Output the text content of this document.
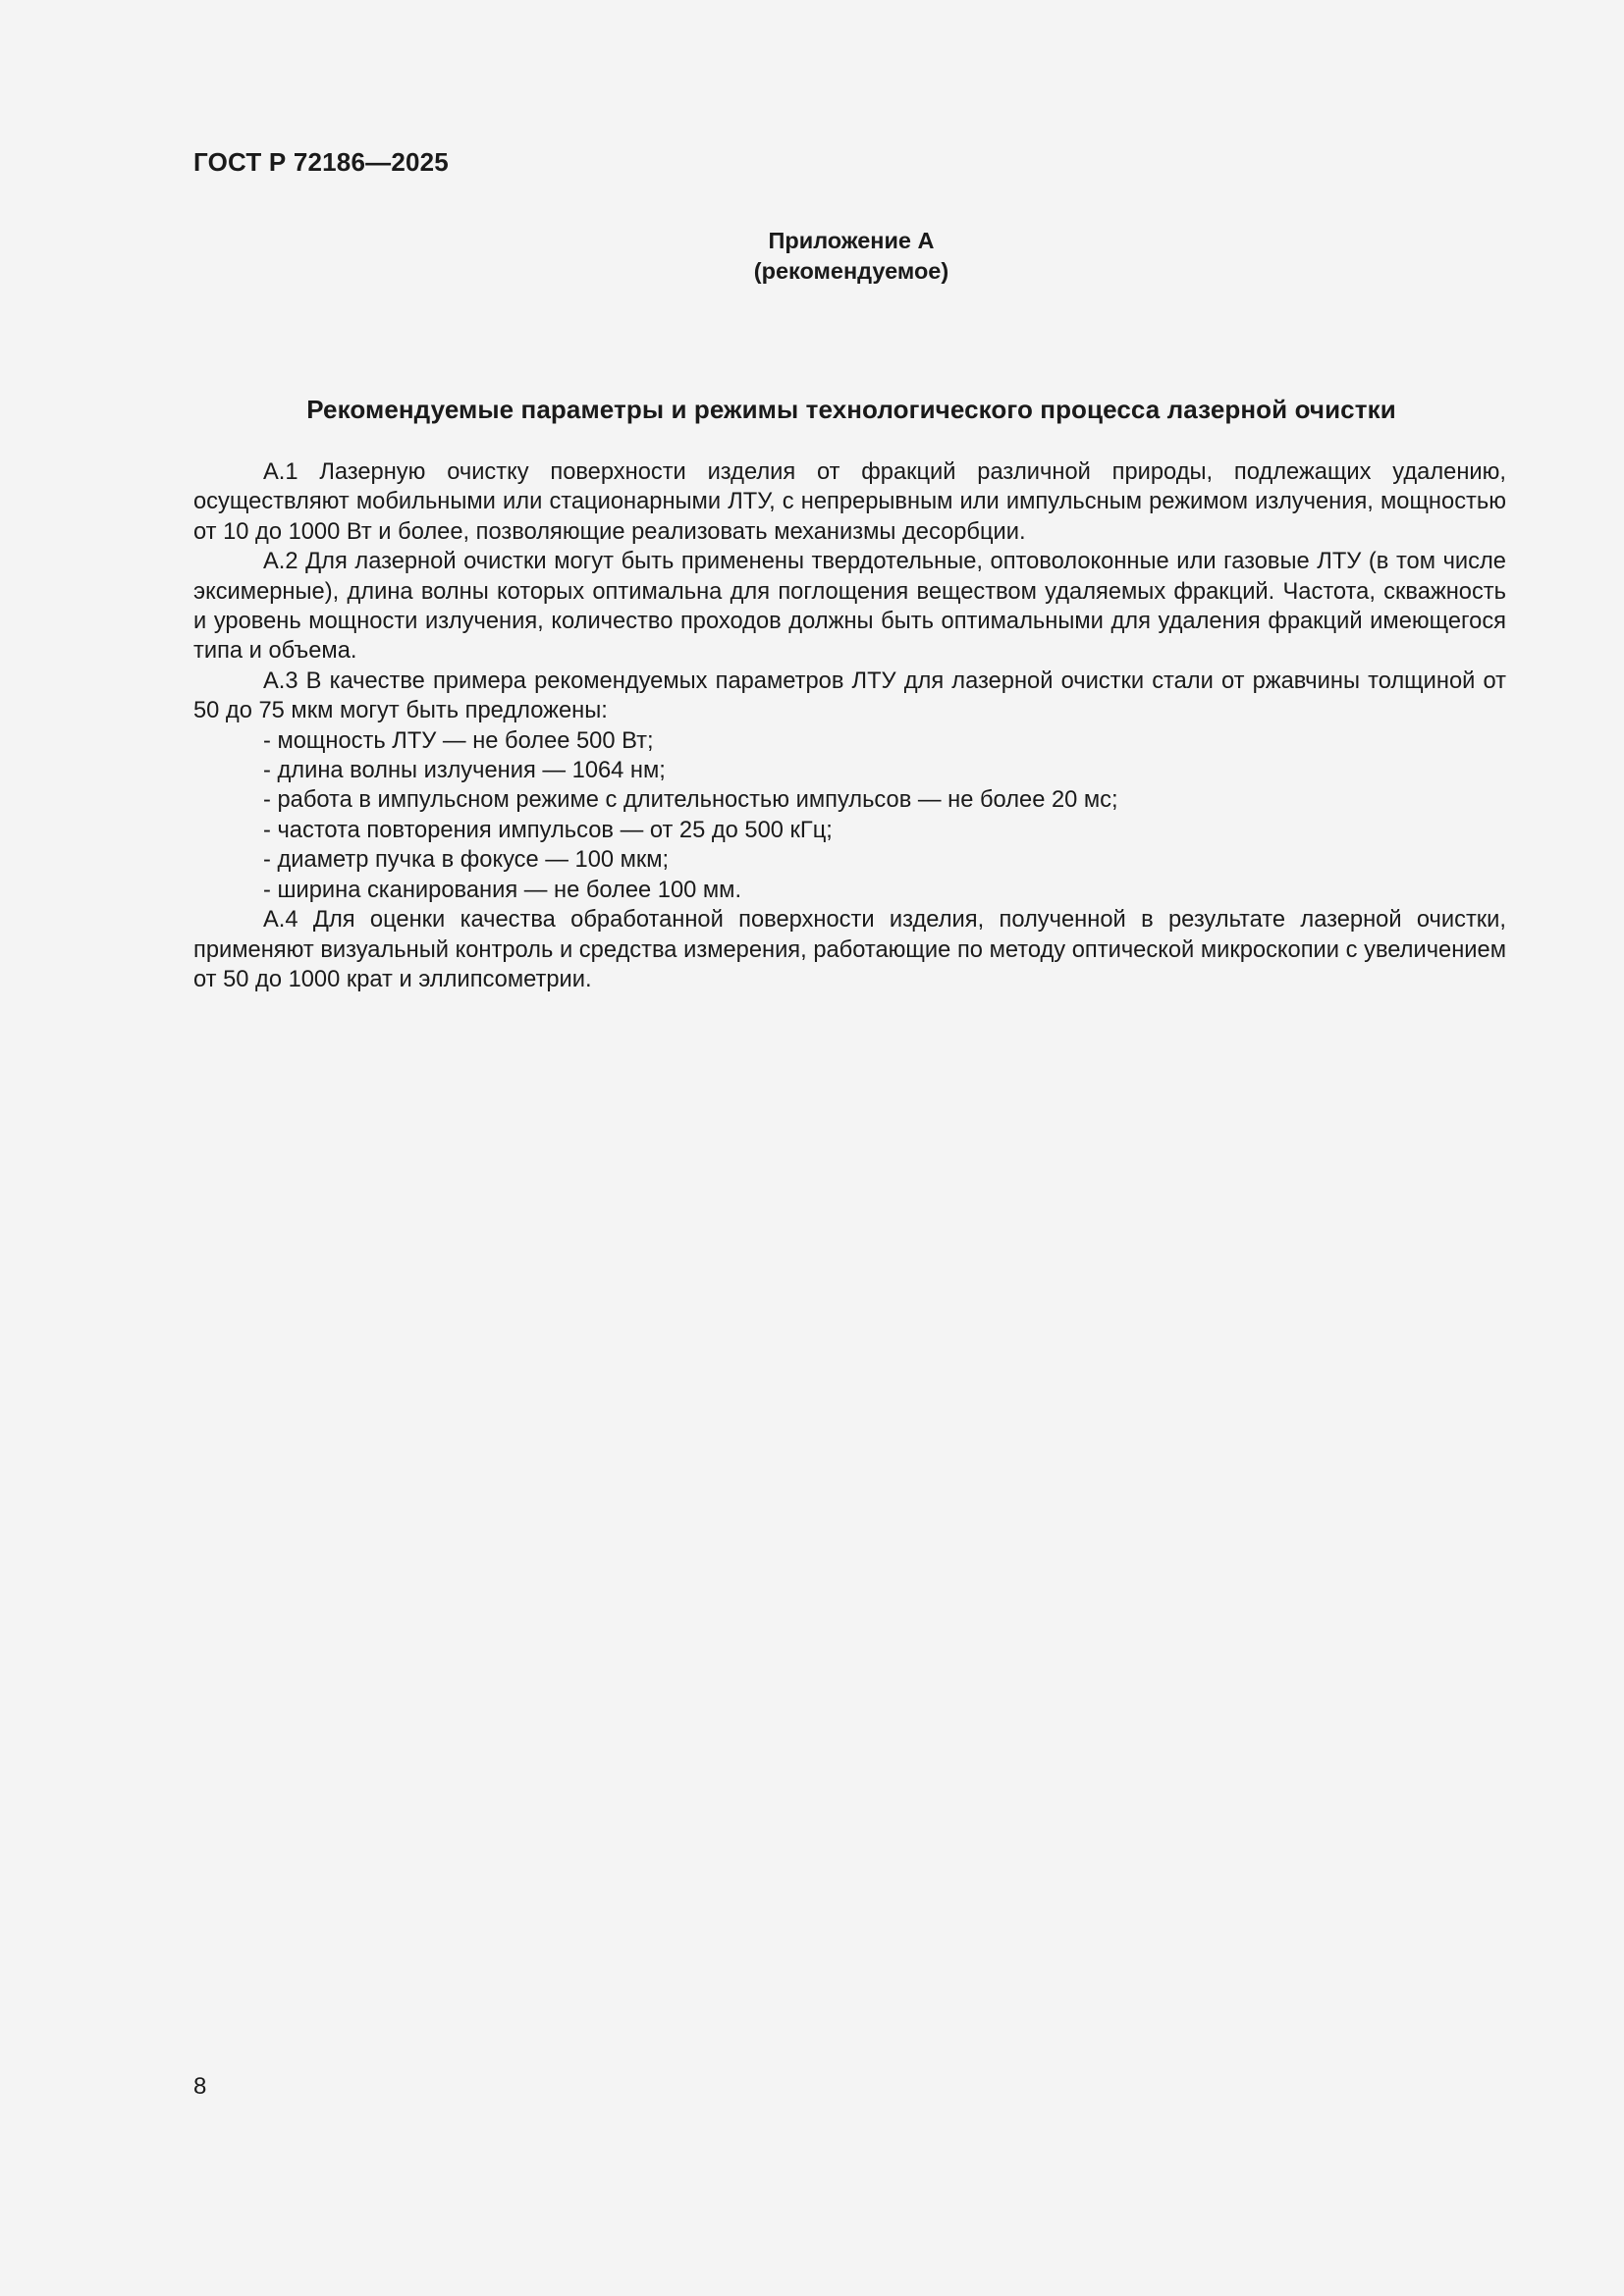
ГОСТ Р 72186—2025
Приложение А
(рекомендуемое)
Рекомендуемые параметры и режимы технологического процесса лазерной очистки

А.1 Лазерную очистку поверхности изделия от фракций различной природы, подлежащих удалению, осуществляют мобильными или стационарными ЛТУ, с непрерывным или импульсным режимом излучения, мощностью от 10 до 1000 Вт и более, позволяющие реализовать механизмы десорбции.

А.2 Для лазерной очистки могут быть применены твердотельные, оптоволоконные или газовые ЛТУ (в том числе эксимерные), длина волны которых оптимальна для поглощения веществом удаляемых фракций. Частота, скважность и уровень мощности излучения, количество проходов должны быть оптимальными для удаления фракций имеющегося типа и объема.

А.3 В качестве примера рекомендуемых параметров ЛТУ для лазерной очистки стали от ржавчины толщиной от 50 до 75 мкм могут быть предложены:

- мощность ЛТУ — не более 500 Вт;
- длина волны излучения — 1064 нм;
- работа в импульсном режиме с длительностью импульсов — не более 20 мс;
- частота повторения импульсов — от 25 до 500 кГц;
- диаметр пучка в фокусе — 100 мкм;
- ширина сканирования — не более 100 мм.

А.4 Для оценки качества обработанной поверхности изделия, полученной в результате лазерной очистки, применяют визуальный контроль и средства измерения, работающие по методу оптической микроскопии с увеличением от 50 до 1000 крат и эллипсометрии.

8
